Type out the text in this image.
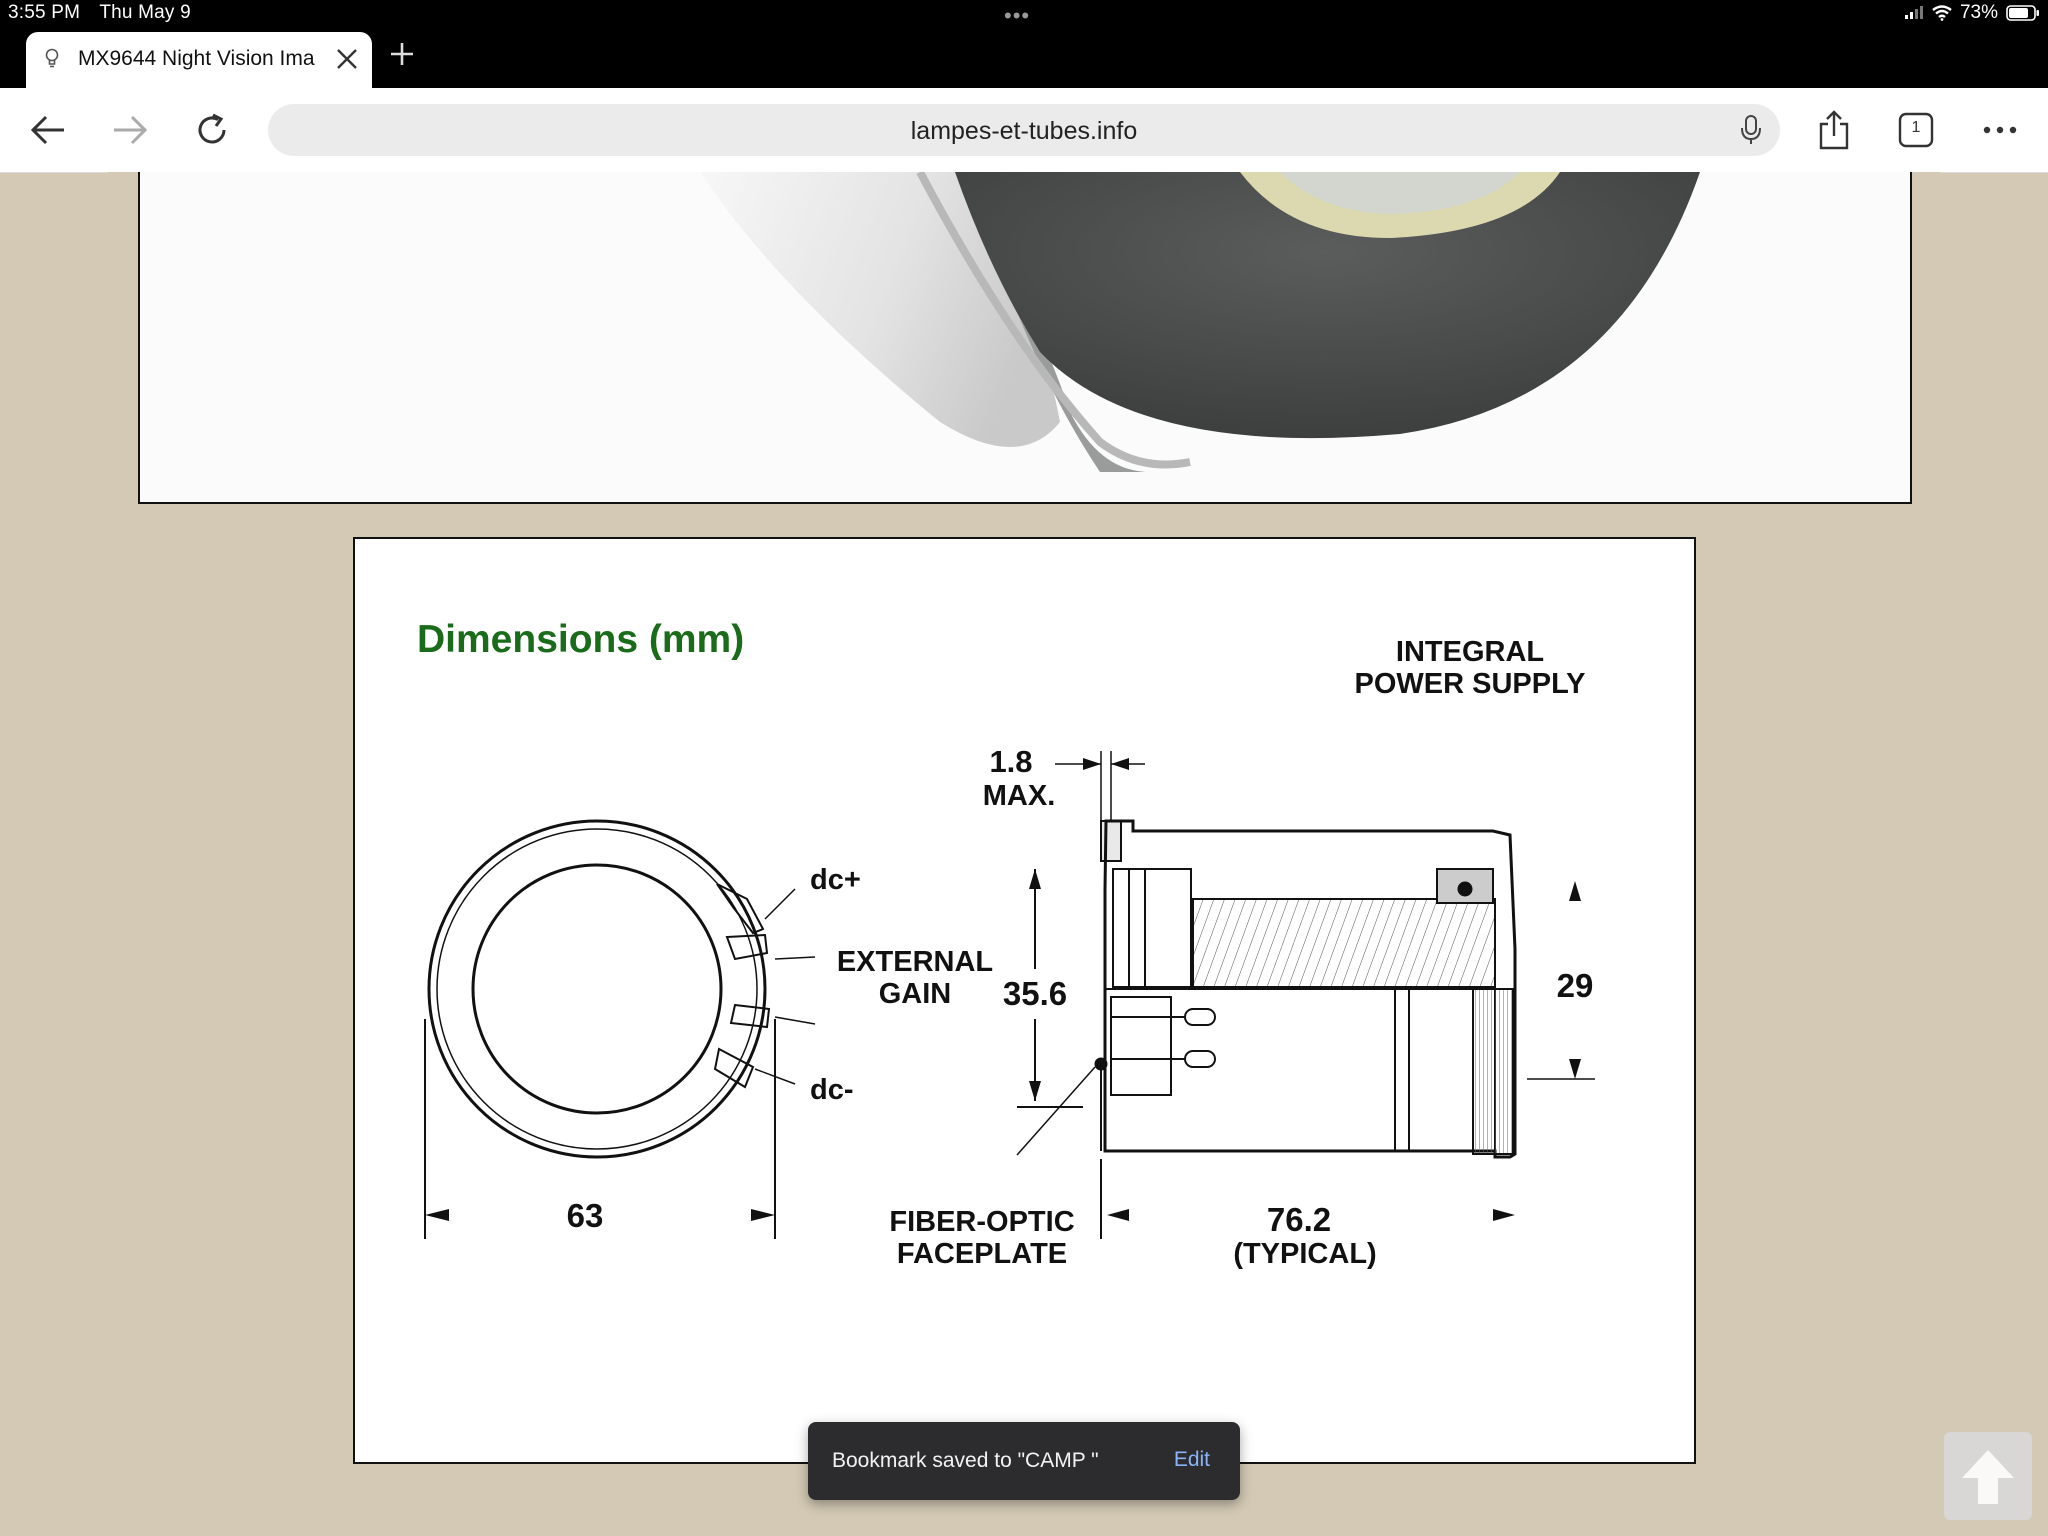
3:55 PM Thu May 9	•••	73%
MX9644 Night Vision Ima
lampes-et-tubes.info	1
Dimensions (mm)	INTEGRAL
POWER SUPPLY
1.8
MAX.
dc+
EXTERNAL
GAIN
dc-
63
35.6	29
FIBER-OPTIC
FACEPLATE
76.2
(TYPICAL)
Bookmark saved to "CAMP "	Edit
